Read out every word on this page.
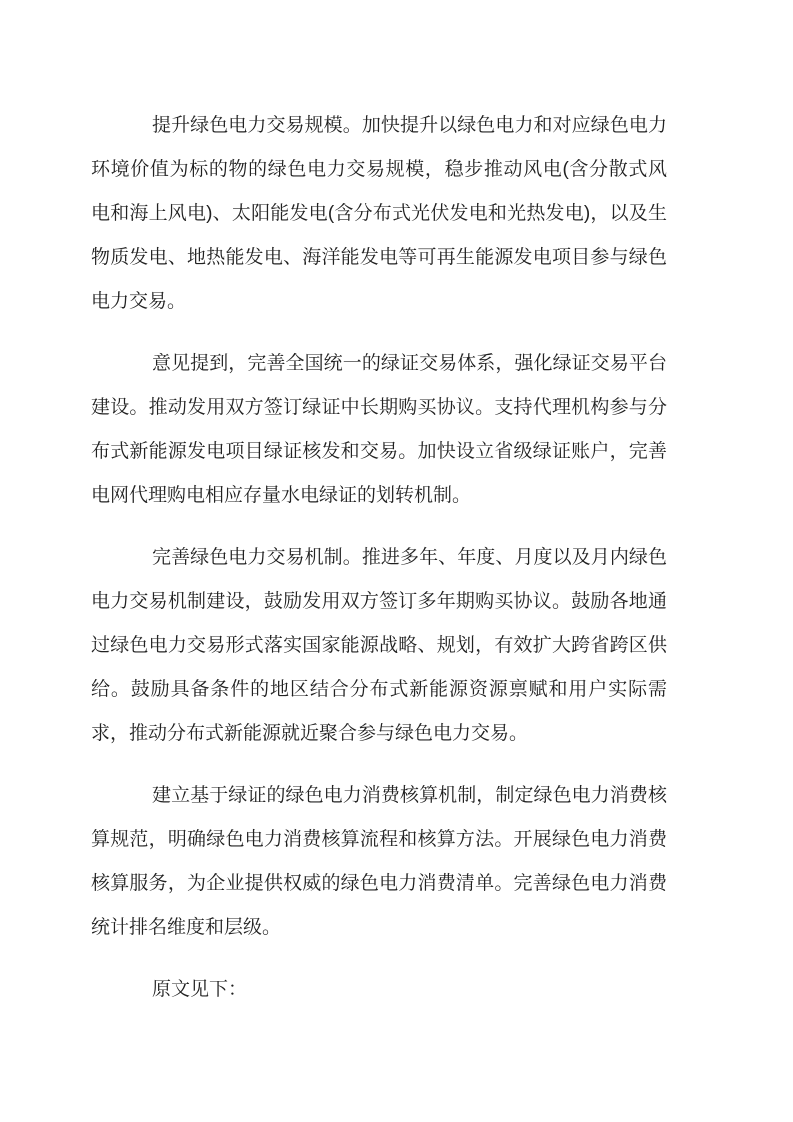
提升绿色电力交易规模。加快提升以绿色电力和对应绿色电力环境价值为标的物的绿色电力交易规模，稳步推动风电(含分散式风电和海上风电)、太阳能发电(含分布式光伏发电和光热发电)，以及生物质发电、地热能发电、海洋能发电等可再生能源发电项目参与绿色电力交易。

意见提到，完善全国统一的绿证交易体系，强化绿证交易平台建设。推动发用双方签订绿证中长期购买协议。支持代理机构参与分布式新能源发电项目绿证核发和交易。加快设立省级绿证账户，完善电网代理购电相应存量水电绿证的划转机制。

完善绿色电力交易机制。推进多年、年度、月度以及月内绿色电力交易机制建设，鼓励发用双方签订多年期购买协议。鼓励各地通过绿色电力交易形式落实国家能源战略、规划，有效扩大跨省跨区供给。鼓励具备条件的地区结合分布式新能源资源禀赋和用户实际需求，推动分布式新能源就近聚合参与绿色电力交易。

建立基于绿证的绿色电力消费核算机制，制定绿色电力消费核算规范，明确绿色电力消费核算流程和核算方法。开展绿色电力消费核算服务，为企业提供权威的绿色电力消费清单。完善绿色电力消费统计排名维度和层级。

原文见下：
